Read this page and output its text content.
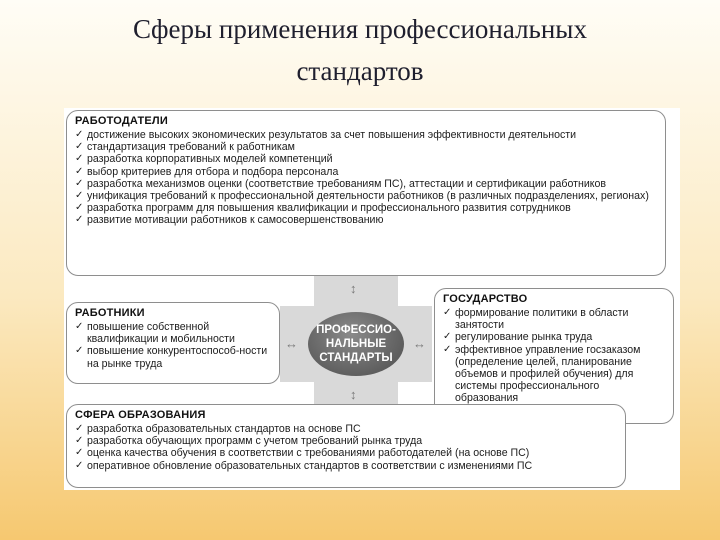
Сферы применения профессиональных
стандартов
↕
↕
↔	↔
ПРОФЕССИО-
НАЛЬНЫЕ
СТАНДАРТЫ
РАБОТОДАТЕЛИ
✓ достижение высоких экономических результатов за счет повышения эффективности деятельности
✓ стандартизация требований к работникам
✓ разработка корпоративных моделей компетенций
✓ выбор критериев для отбора и подбора персонала
✓ разработка механизмов оценки (соответствие требованиям ПС), аттестации и сертификации работников
✓ унификация требований к профессиональной деятельности работников (в различных подразделениях, регионах)
✓ разработка программ для повышения квалификации и профессионального развития сотрудников
✓ развитие мотивации работников к самосовершенствованию
РАБОТНИКИ
✓ повышение собственной квалификации и мобильности
✓ повышение конкурентоспособ-ности на рынке труда
ГОСУДАРСТВО
✓ формирование политики в области занятости
✓ регулирование рынка труда
✓ эффективное управление госзаказом (определение целей, планирование объемов и профилей обучения) для системы профессионального образования
СФЕРА ОБРАЗОВАНИЯ
✓ разработка образовательных стандартов на основе ПС
✓ разработка обучающих программ с учетом требований рынка труда
✓ оценка качества обучения в соответствии с требованиями работодателей (на основе ПС)
✓ оперативное обновление образовательных стандартов в соответствии с изменениями ПС
